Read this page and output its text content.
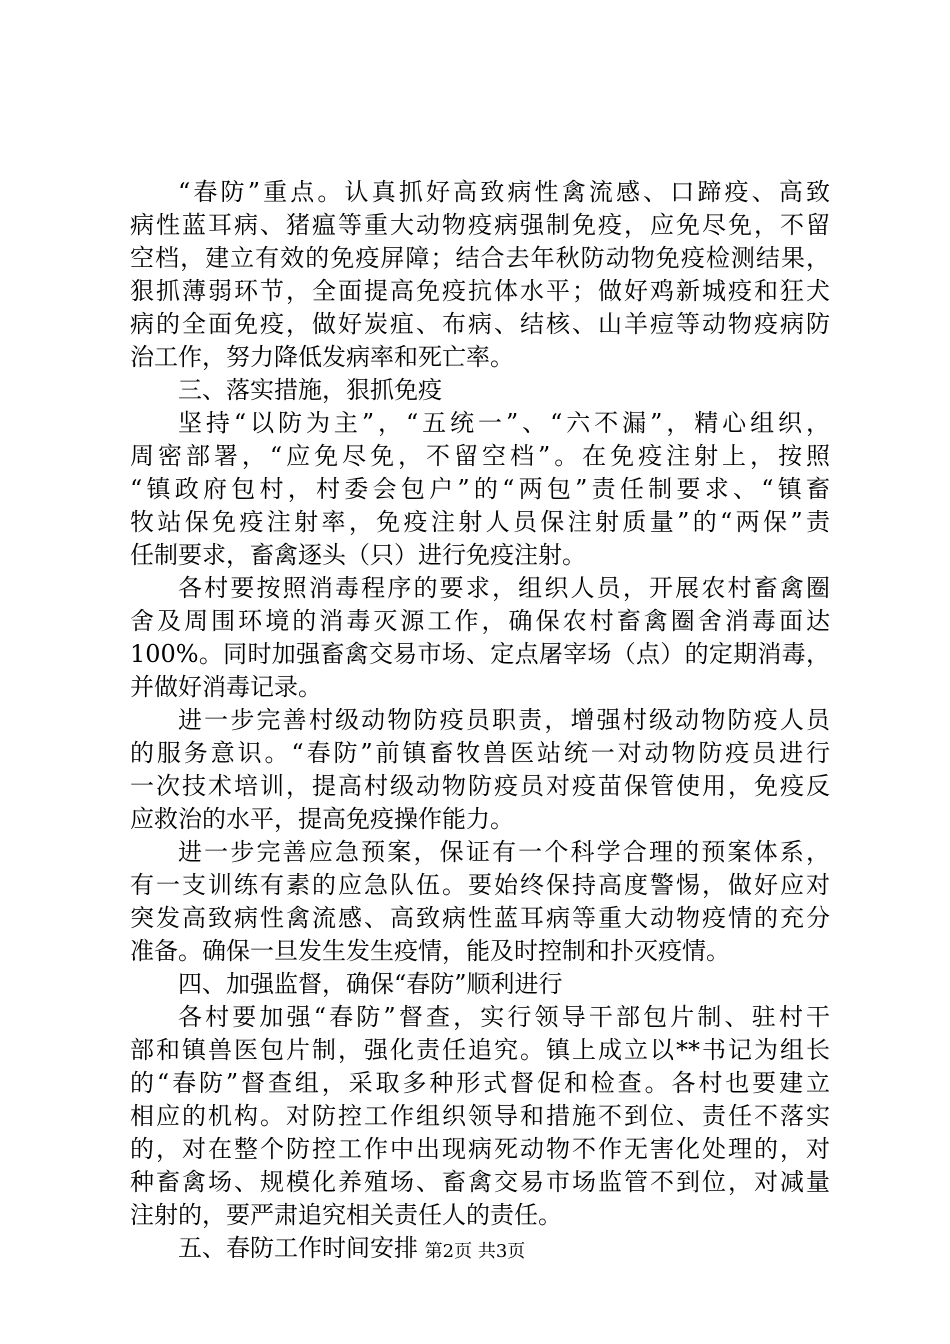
“春防”重点。认真抓好高致病性禽流感、口蹄疫、高致
病性蓝耳病、猪瘟等重大动物疫病强制免疫，应免尽免，不留
空档，建立有效的免疫屏障；结合去年秋防动物免疫检测结果，
狠抓薄弱环节，全面提高免疫抗体水平；做好鸡新城疫和狂犬
病的全面免疫，做好炭疽、布病、结核、山羊痘等动物疫病防
治工作，努力降低发病率和死亡率。
三、落实措施，狠抓免疫
坚持“以防为主”，“五统一”、“六不漏”，精心组织，
周密部署，“应免尽免，不留空档”。在免疫注射上，按照
“镇政府包村，村委会包户”的“两包”责任制要求、“镇畜
牧站保免疫注射率，免疫注射人员保注射质量”的“两保”责
任制要求，畜禽逐头（只）进行免疫注射。
各村要按照消毒程序的要求，组织人员，开展农村畜禽圈
舍及周围环境的消毒灭源工作，确保农村畜禽圈舍消毒面达
100%。同时加强畜禽交易市场、定点屠宰场（点）的定期消毒，
并做好消毒记录。
进一步完善村级动物防疫员职责，增强村级动物防疫人员
的服务意识。“春防”前镇畜牧兽医站统一对动物防疫员进行
一次技术培训，提高村级动物防疫员对疫苗保管使用，免疫反
应救治的水平，提高免疫操作能力。
进一步完善应急预案，保证有一个科学合理的预案体系，
有一支训练有素的应急队伍。要始终保持高度警惕，做好应对
突发高致病性禽流感、高致病性蓝耳病等重大动物疫情的充分
准备。确保一旦发生发生疫情，能及时控制和扑灭疫情。
四、加强监督，确保“春防”顺利进行
各村要加强“春防”督查，实行领导干部包片制、驻村干
部和镇兽医包片制，强化责任追究。镇上成立以**书记为组长
的“春防”督查组，采取多种形式督促和检查。各村也要建立
相应的机构。对防控工作组织领导和措施不到位、责任不落实
的，对在整个防控工作中出现病死动物不作无害化处理的，对
种畜禽场、规模化养殖场、畜禽交易市场监管不到位，对减量
注射的，要严肃追究相关责任人的责任。
五、春防工作时间安排 第2页 共3页
